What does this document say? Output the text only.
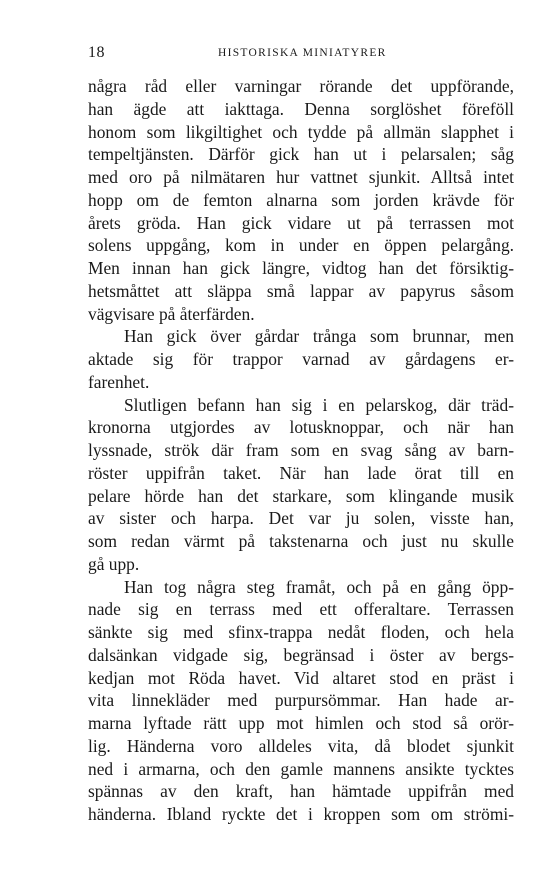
18	HISTORISKA MINIATYRER
några råd eller varningar rörande det uppförande,
han ägde att iakttaga. Denna sorglöshet föreföll
honom som likgiltighet och tydde på allmän slapphet i
tempeltjänsten. Därför gick han ut i pelarsalen; såg
med oro på nilmätaren hur vattnet sjunkit. Alltså intet
hopp om de femton alnarna som jorden krävde för
årets gröda. Han gick vidare ut på terrassen mot
solens uppgång, kom in under en öppen pelargång.
Men innan han gick längre, vidtog han det försiktig-
hetsmåttet att släppa små lappar av papyrus såsom
vägvisare på återfärden.
Han gick över gårdar trånga som brunnar, men
aktade sig för trappor varnad av gårdagens er-
farenhet.
Slutligen befann han sig i en pelarskog, där träd-
kronorna utgjordes av lotusknoppar, och när han
lyssnade, strök där fram som en svag sång av barn-
röster uppifrån taket. När han lade örat till en
pelare hörde han det starkare, som klingande musik
av sister och harpa. Det var ju solen, visste han,
som redan värmt på takstenarna och just nu skulle
gå upp.
Han tog några steg framåt, och på en gång öpp-
nade sig en terrass med ett offeraltare. Terrassen
sänkte sig med sfinx-trappa nedåt floden, och hela
dalsänkan vidgade sig, begränsad i öster av bergs-
kedjan mot Röda havet. Vid altaret stod en präst i
vita linnekläder med purpursömmar. Han hade ar-
marna lyftade rätt upp mot himlen och stod så orör-
lig. Händerna voro alldeles vita, då blodet sjunkit
ned i armarna, och den gamle mannens ansikte tycktes
spännas av den kraft, han hämtade uppifrån med
händerna. Ibland ryckte det i kroppen som om strömi-
